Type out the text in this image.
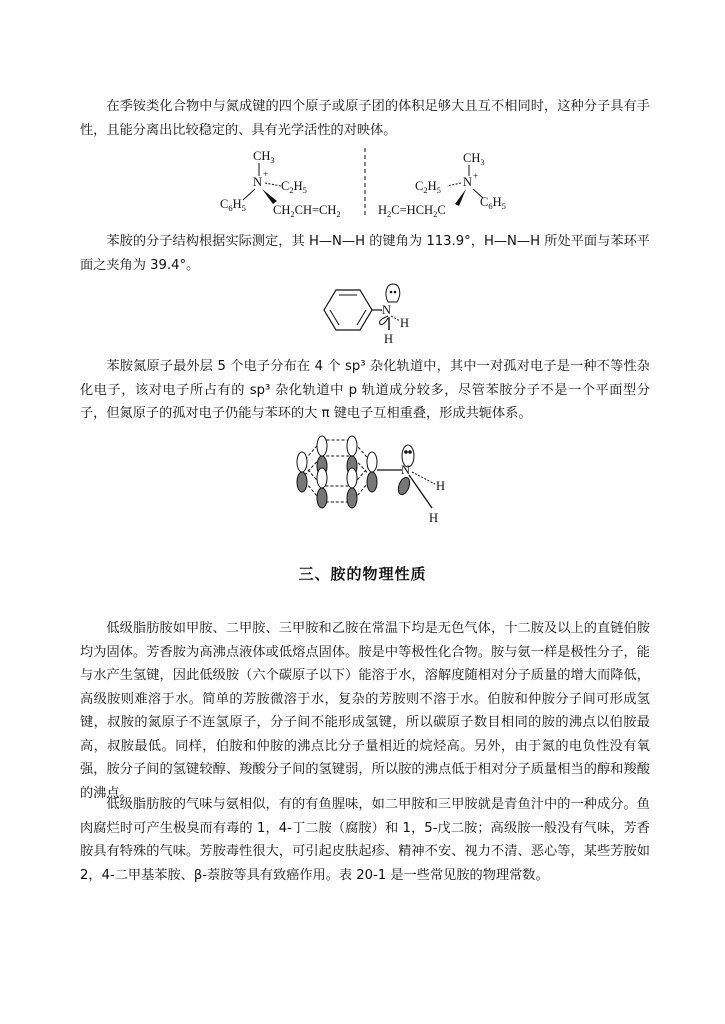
在季铵类化合物中与氮成键的四个原子或原子团的体积足够大且互不相同时，这种分子具有手性，且能分离出比较稳定的、具有光学活性的对映体。

$CH_3$
N
+
$C_2H_5$
$C_6H_5$ $CH_2CH=CH_2$
$CH_3$
N +
$C_2H_5$
$C_6H_5$
$H_2C=HCH_2C$

苯胺的分子结构根据实际测定，其 H—N—H 的键角为 113.9°，H—N—H 所处平面与苯环平面之夹角为 39.4°。

N
H
H

苯胺氮原子最外层 5 个电子分布在 4 个 sp³ 杂化轨道中，其中一对孤对电子是一种不等性杂化电子，该对电子所占有的 sp³ 杂化轨道中 p 轨道成分较多，尽管苯胺分子不是一个平面型分子，但氮原子的孤对电子仍能与苯环的大 π 键电子互相重叠，形成共轭体系。

N
H
H
三、胺的物理性质

低级脂肪胺如甲胺、二甲胺、三甲胺和乙胺在常温下均是无色气体，十二胺及以上的直链伯胺均为固体。芳香胺为高沸点液体或低熔点固体。胺是中等极性化合物。胺与氨一样是极性分子，能与水产生氢键，因此低级胺（六个碳原子以下）能溶于水，溶解度随相对分子质量的增大而降低，高级胺则难溶于水。简单的芳胺微溶于水，复杂的芳胺则不溶于水。伯胺和仲胺分子间可形成氢键，叔胺的氮原子不连氢原子，分子间不能形成氢键，所以碳原子数目相同的胺的沸点以伯胺最高，叔胺最低。同样，伯胺和仲胺的沸点比分子量相近的烷烃高。另外，由于氮的电负性没有氧强，胺分子间的氢键较醇、羧酸分子间的氢键弱，所以胺的沸点低于相对分子质量相当的醇和羧酸的沸点。

低级脂肪胺的气味与氨相似，有的有鱼腥味，如二甲胺和三甲胺就是青鱼汁中的一种成分。鱼肉腐烂时可产生极臭而有毒的 1，4-丁二胺（腐胺）和 1，5-戊二胺；高级胺一般没有气味，芳香胺具有特殊的气味。芳胺毒性很大，可引起皮肤起疹、精神不安、视力不清、恶心等，某些芳胺如 2，4-二甲基苯胺、β-萘胺等具有致癌作用。表 20-1 是一些常见胺的物理常数。
